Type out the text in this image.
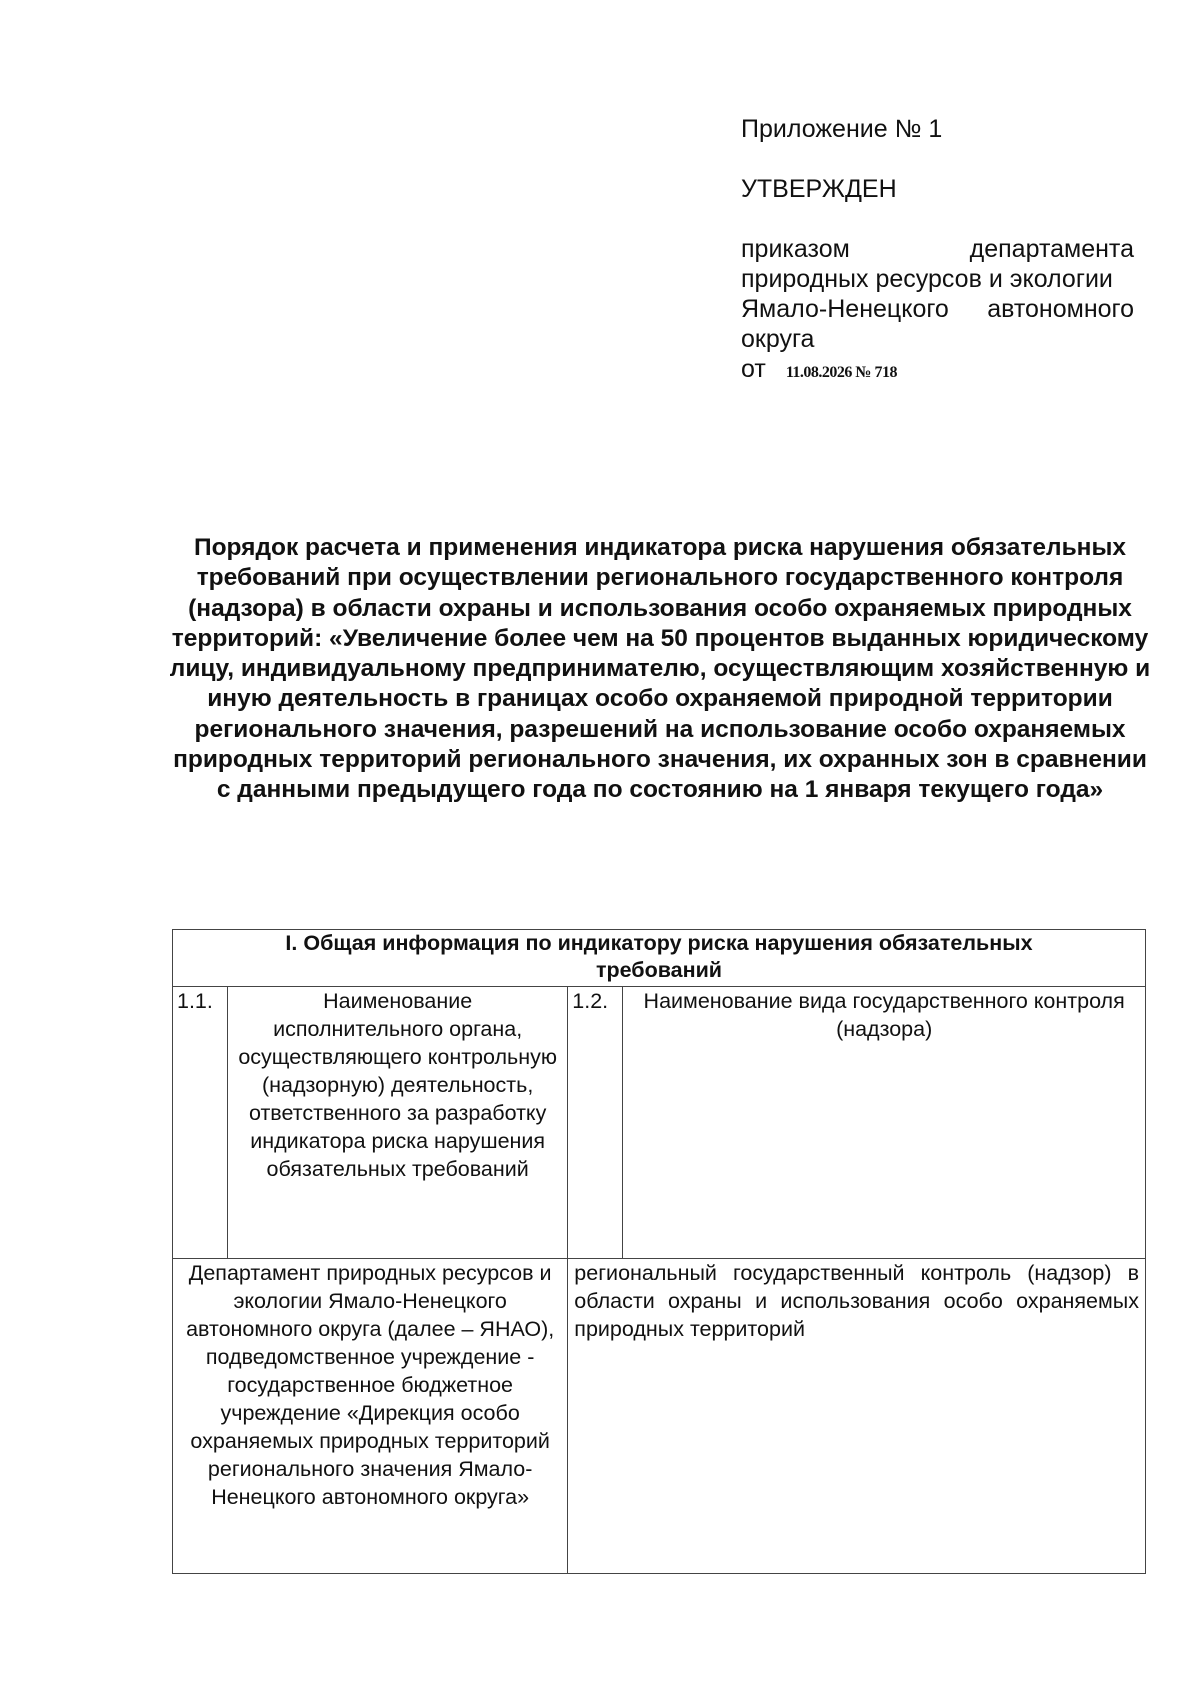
Приложение № 1
УТВЕРЖДЕН
приказом	департамента
природных ресурсов и экологии
Ямало-Ненецкого автономного
округа
от 11.08.2026 № 718
Порядок расчета и применения индикатора риска нарушения обязательных требований при осуществлении регионального государственного контроля (надзора) в области охраны и использования особо охраняемых природных территорий: «Увеличение более чем на 50 процентов выданных юридическому лицу, индивидуальному предпринимателю, осуществляющим хозяйственную и иную деятельность в границах особо охраняемой природной территории регионального значения, разрешений на использование особо охраняемых природных территорий регионального значения, их охранных зон в сравнении с данными предыдущего года по состоянию на 1 января текущего года»
I. Общая информация по индикатору риска нарушения обязательных требований			
1.1.	Наименование исполнительного органа, осуществляющего контрольную (надзорную) деятельность, ответственного за разработку индикатора риска нарушения обязательных требований	1.2.	Наименование вида государственного контроля (надзора)
Департамент природных ресурсов и экологии Ямало-Ненецкого автономного округа (далее – ЯНАО), подведомственное учреждение - государственное бюджетное учреждение «Дирекция особо охраняемых природных территорий регионального значения Ямало-Ненецкого автономного округа»		региональный государственный контроль (надзор) в области охраны и использования особо охраняемых природных территорий	
